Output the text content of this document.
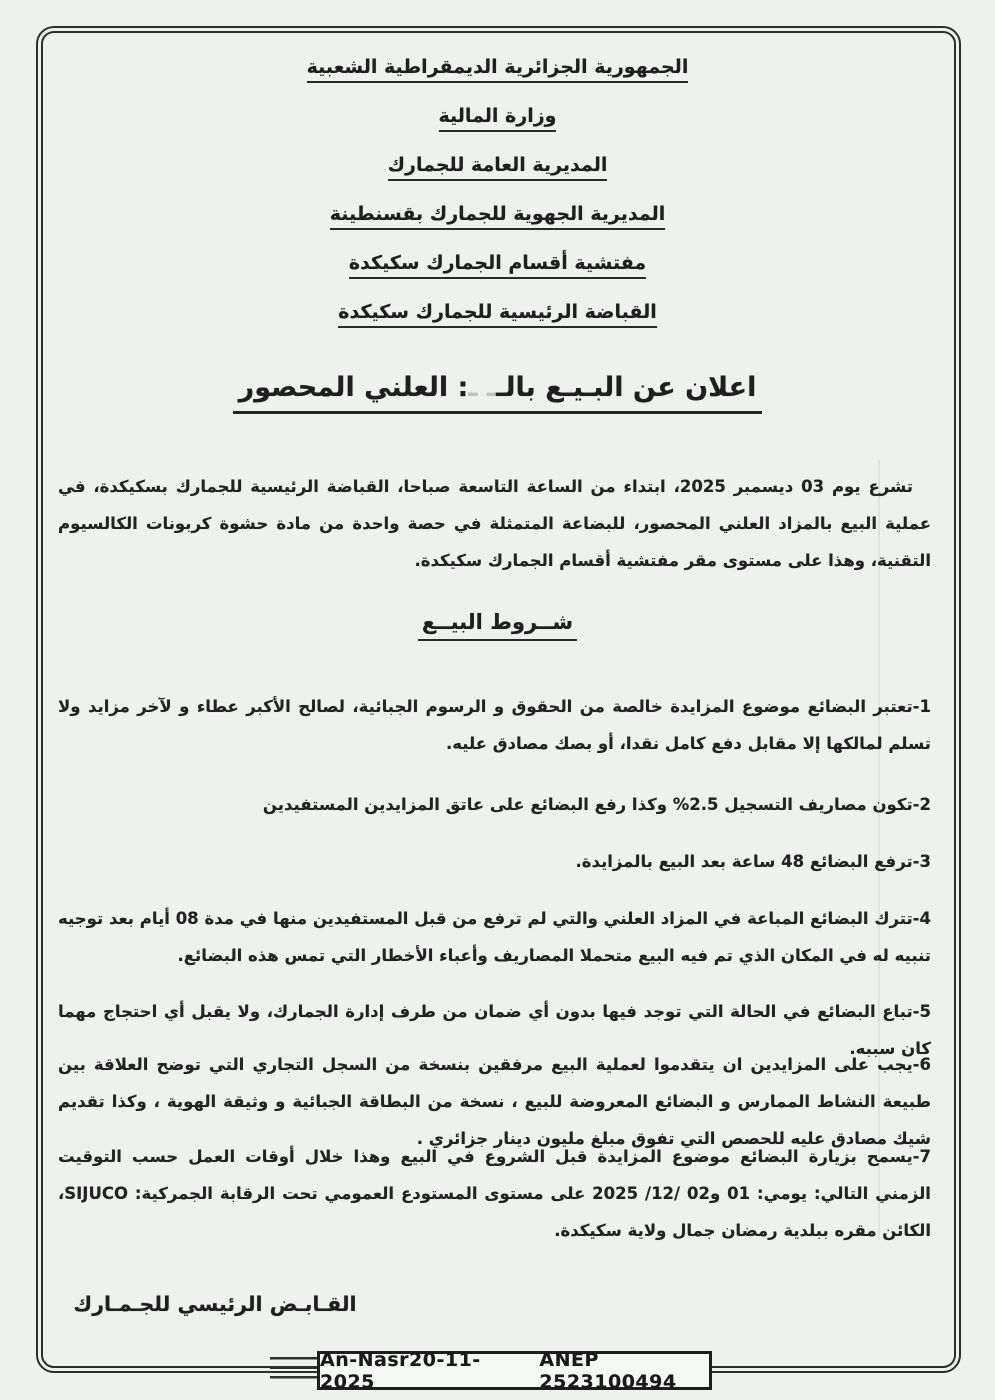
الجمهورية الجزائرية الديمقراطية الشعبية
وزارة المالية
المديرية العامة للجمارك
المديرية الجهوية للجمارك بقسنطينة
مفتشية أقسام الجمارك سكيكدة
القباضة الرئيسية للجمارك سكيكدة
اعلان عن البـيـع بالــ ـ: العلني المحصور

تشرع يوم 03 ديسمبر 2025، ابتداء من الساعة التاسعة صباحا، القباضة الرئيسية للجمارك بسكيكدة، في عملية البيع بالمزاد العلني المحصور، للبضاعة المتمثلة في حصة واحدة من مادة حشوة كربونات الكالسيوم التقنية، وهذا على مستوى مقر مفتشية أقسام الجمارك سكيكدة.

شــروط البيــع

1-تعتبر البضائع موضوع المزايدة خالصة من الحقوق و الرسوم الجبائية، لصالح الأكبر عطاء و لآخر مزايد ولا تسلم لمالكها إلا مقابل دفع كامل نقدا، أو بصك مصادق عليه.

2-تكون مصاريف التسجيل 2.5% وكذا رفع البضائع على عاتق المزايدين المستفيدين

3-ترفع البضائع 48 ساعة بعد البيع بالمزايدة.

4-تترك البضائع المباعة في المزاد العلني والتي لم ترفع من قبل المستفيدين منها في مدة 08 أيام بعد توجيه تنبيه له في المكان الذي تم فيه البيع متحملا المصاريف وأعباء الأخطار التي تمس هذه البضائع.

5-تباع البضائع في الحالة التي توجد فيها بدون أي ضمان من طرف إدارة الجمارك، ولا يقبل أي احتجاج مهما كان سببه.

6-يجب على المزايدين ان يتقدموا لعملية البيع مرفقين بنسخة من السجل التجاري التي توضح العلاقة بين طبيعة النشاط الممارس و البضائع المعروضة للبيع ، نسخة من البطاقة الجبائية و وثيقة الهوية ، وكذا تقديم شيك مصادق عليه للحصص التي تفوق مبلغ مليون دينار جزائري .

7-يسمح بزيارة البضائع موضوع المزايدة قبل الشروع في البيع وهذا خلال أوقات العمل حسب التوقيت الزمني التالي: يومي: 01 و02 /12/ 2025 على مستوى المستودع العمومي تحت الرقابة الجمركية: SIJUCO، الكائن مقره ببلدية رمضان جمال ولاية سكيكدة.

القـابـض الرئيسي للجـمـارك
An-Nasr20-11-2025
ANEP 2523100494
